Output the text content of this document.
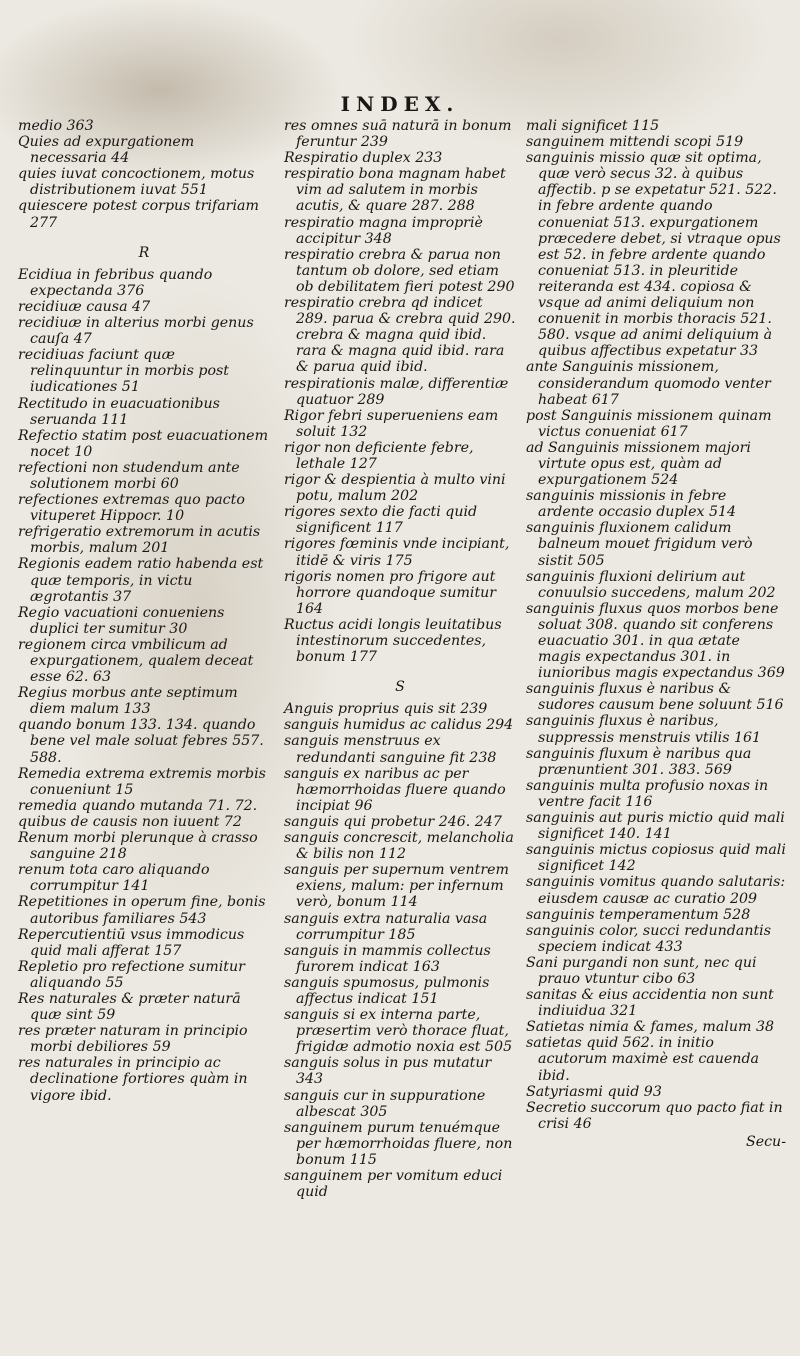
INDEX.

medio 363

Quies ad expurgationem necessaria 44

quies iuvat concoctionem, motus distributionem iuvat 551

quiescere potest corpus trifariam 277

R

Ecidiua in febribus quando expectanda 376

recidiuæ causa 47

recidiuæ in alterius morbi genus cauſa 47

recidiuas faciunt quæ relinquuntur in morbis post iudicationes 51

Rectitudo in euacuationibus seruanda 111

Refectio statim post euacuationem nocet 10

refectioni non studendum ante solutionem morbi 60

refectiones extremas quo pacto vituperet Hippocr. 10

refrigeratio extremorum in acutis morbis, malum 201

Regionis eadem ratio habenda est quæ temporis, in victu ægrotantis 37

Regio vacuationi conueniens duplici ter sumitur 30

regionem circa vmbilicum ad expurgationem, qualem deceat esse 62. 63

Regius morbus ante septimum diem malum 133

quando bonum 133. 134. quando bene vel male soluat febres 557. 588.

Remedia extrema extremis morbis conueniunt 15

remedia quando mutanda 71. 72.

quibus de causis non iuuent 72

Renum morbi plerunque à crasso sanguine 218

renum tota caro aliquando corrumpitur 141

Repetitiones in operum fine, bonis autoribus familiares 543

Repercutientiū vsus immodicus quid mali afferat 157

Repletio pro refectione sumitur aliquando 55

Res naturales & præter naturā quæ sint 59

res præter naturam in principio morbi debiliores 59

res naturales in principio ac declinatione fortiores quàm in vigore ibid.

res omnes suā naturā in bonum feruntur 239

Respiratio duplex 233

respiratio bona magnam habet vim ad salutem in morbis acutis, & quare 287. 288

respiratio magna impropriè accipitur 348

respiratio crebra & parua non tantum ob dolore, sed etiam ob debilitatem fieri potest 290

respiratio crebra qd indicet 289. parua & crebra quid 290. crebra & magna quid ibid. rara & magna quid ibid. rara & parua quid ibid.

respirationis malæ, differentiæ quatuor 289

Rigor febri superueniens eam soluit 132

rigor non deficiente febre, lethale 127

rigor & despientia à multo vini potu, malum 202

rigores sexto die facti quid significent 117

rigores fœminis vnde incipiant, itidē & viris 175

rigoris nomen pro frigore aut horrore quandoque sumitur 164

Ructus acidi longis leuitatibus intestinorum succedentes, bonum 177

S

Anguis proprius quis sit 239

sanguis humidus ac calidus 294

sanguis menstruus ex redundanti sanguine fit 238

sanguis ex naribus ac per hæmorrhoidas fluere quando incipiat 96

sanguis qui probetur 246. 247

sanguis concrescit, melancholia & bilis non 112

sanguis per supernum ventrem exiens, malum: per infernum verò, bonum 114

sanguis extra naturalia vasa corrumpitur 185

sanguis in mammis collectus furorem indicat 163

sanguis spumosus, pulmonis affectus indicat 151

sanguis si ex interna parte, præsertim verò thorace fluat, frigidæ admotio noxia est 505

sanguis solus in pus mutatur 343

sanguis cur in suppuratione albescat 305

sanguinem purum tenuémque per hæmorrhoidas fluere, non bonum 115

sanguinem per vomitum educi quid

mali significet 115

sanguinem mittendi scopi 519

sanguinis missio quæ sit optima, quæ verò secus 32. à quibus affectib. p se expetatur 521. 522. in febre ardente quando conueniat 513. expurgationem præcedere debet, si vtraque opus est 52. in febre ardente quando conueniat 513. in pleuritide reiteranda est 434. copiosa & vsque ad animi deliquium non conuenit in morbis thoracis 521. 580. vsque ad animi deliquium à quibus affectibus expetatur 33

ante Sanguinis missionem, considerandum quomodo venter habeat 617

post Sanguinis missionem quinam victus conueniat 617

ad Sanguinis missionem majori virtute opus est, quàm ad expurgationem 524

sanguinis missionis in febre ardente occasio duplex 514

sanguinis fluxionem calidum balneum mouet frigidum verò sistit 505

sanguinis fluxioni delirium aut conuulsio succedens, malum 202

sanguinis fluxus quos morbos bene soluat 308. quando sit conferens euacuatio 301. in qua ætate magis expectandus 301. in iunioribus magis expectandus 369

sanguinis fluxus è naribus & sudores causum bene soluunt 516

sanguinis fluxus è naribus, suppressis menstruis vtilis 161

sanguinis fluxum è naribus qua prænuntient 301. 383. 569

sanguinis multa profusio noxas in ventre facit 116

sanguinis aut puris mictio quid mali significet 140. 141

sanguinis mictus copiosus quid mali significet 142

sanguinis vomitus quando salutaris: eiusdem causæ ac curatio 209

sanguinis temperamentum 528

sanguinis color, succi redundantis speciem indicat 433

Sani purgandi non sunt, nec qui prauo vtuntur cibo 63

sanitas & eius accidentia non sunt indiuidua 321

Satietas nimia & fames, malum 38

satietas quid 562. in initio acutorum maximè est cauenda ibid.

Satyriasmi quid 93

Secretio succorum quo pacto fiat in crisi 46

Secu-
